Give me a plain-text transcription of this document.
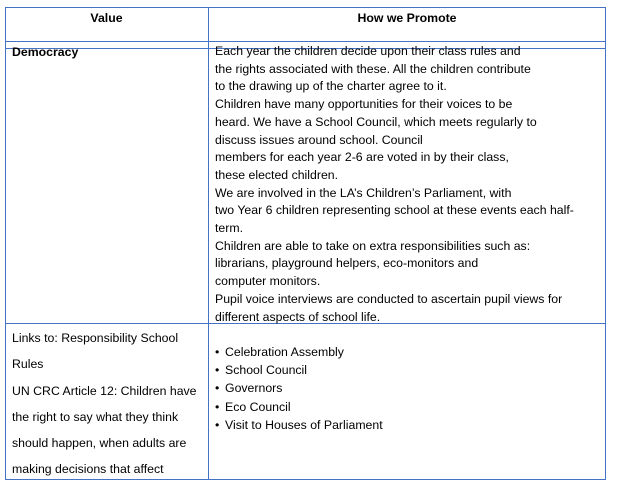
Value	How we Promote
Democracy	Each year the children decide upon their class rules and
the rights associated with these. All the children contribute
to the drawing up of the charter agree to it.
Children have many opportunities for their voices to be
heard. We have a School Council, which meets regularly to
discuss issues around school. Council
members for each year 2-6 are voted in by their class,
these elected children.
We are involved in the LA’s Children’s Parliament, with
two Year 6 children representing school at these events each half-
term.
Children are able to take on extra responsibilities such as:
librarians, playground helpers, eco-monitors and
computer monitors.
Pupil voice interviews are conducted to ascertain pupil views for
different aspects of school life.
Links to: Responsibility School
Rules
UN CRC Article 12: Children have
the right to say what they think
should happen, when adults are
making decisions that affect
• Celebration Assembly
• School Council
• Governors
• Eco Council
• Visit to Houses of Parliament
